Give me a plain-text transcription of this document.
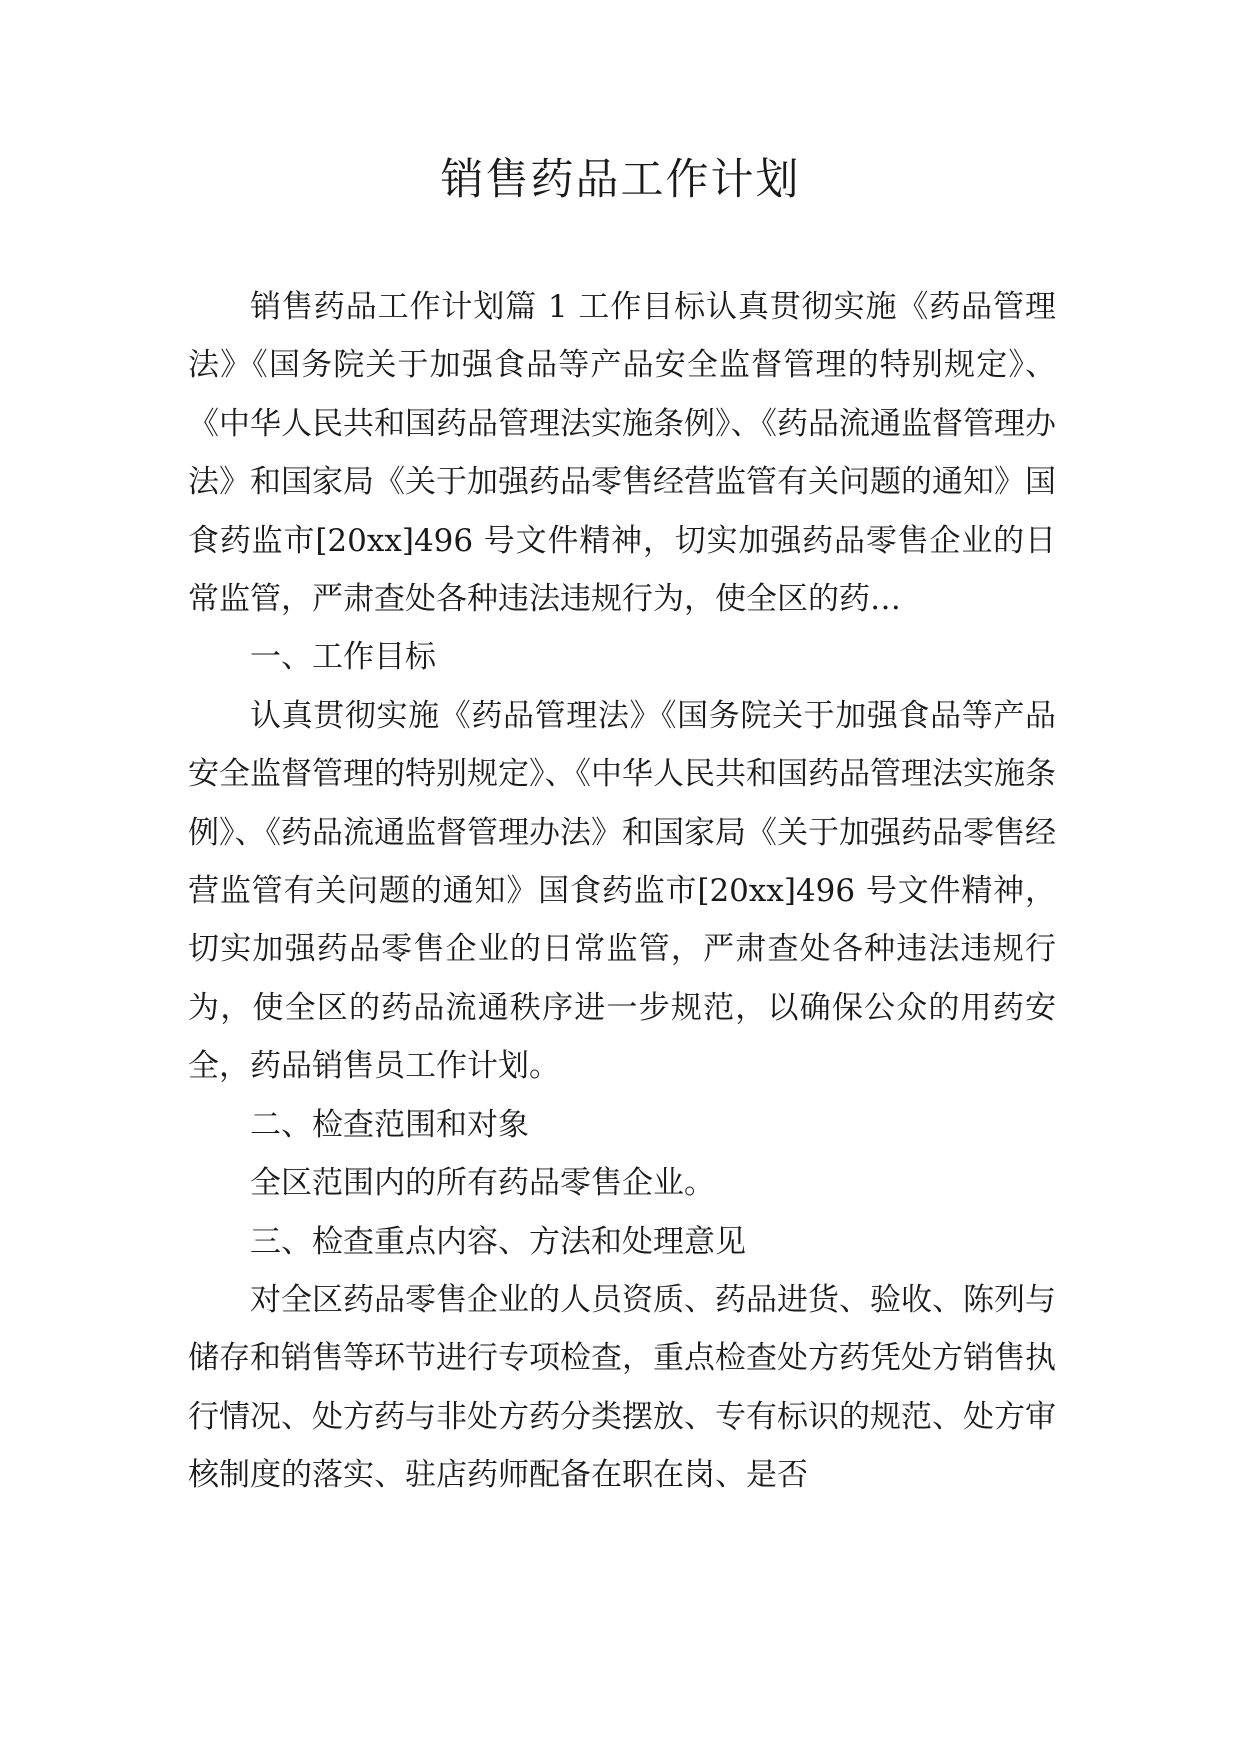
销售药品工作计划

销售药品工作计划篇 1 工作目标认真贯彻实施《药品管理法》《国务院关于加强食品等产品安全监督管理的特别规定》、《中华人民共和国药品管理法实施条例》、《药品流通监督管理办法》和国家局《关于加强药品零售经营监管有关问题的通知》国食药监市[20xx]496 号文件精神，切实加强药品零售企业的日常监管，严肃查处各种违法违规行为，使全区的药…

一、工作目标

认真贯彻实施《药品管理法》《国务院关于加强食品等产品安全监督管理的特别规定》、《中华人民共和国药品管理法实施条例》、《药品流通监督管理办法》和国家局《关于加强药品零售经营监管有关问题的通知》国食药监市[20xx]496 号文件精神，切实加强药品零售企业的日常监管，严肃查处各种违法违规行为，使全区的药品流通秩序进一步规范，以确保公众的用药安全，药品销售员工作计划。

二、检查范围和对象

全区范围内的所有药品零售企业。

三、检查重点内容、方法和处理意见

对全区药品零售企业的人员资质、药品进货、验收、陈列与储存和销售等环节进行专项检查，重点检查处方药凭处方销售执行情况、处方药与非处方药分类摆放、专有标识的规范、处方审核制度的落实、驻店药师配备在职在岗、是否
